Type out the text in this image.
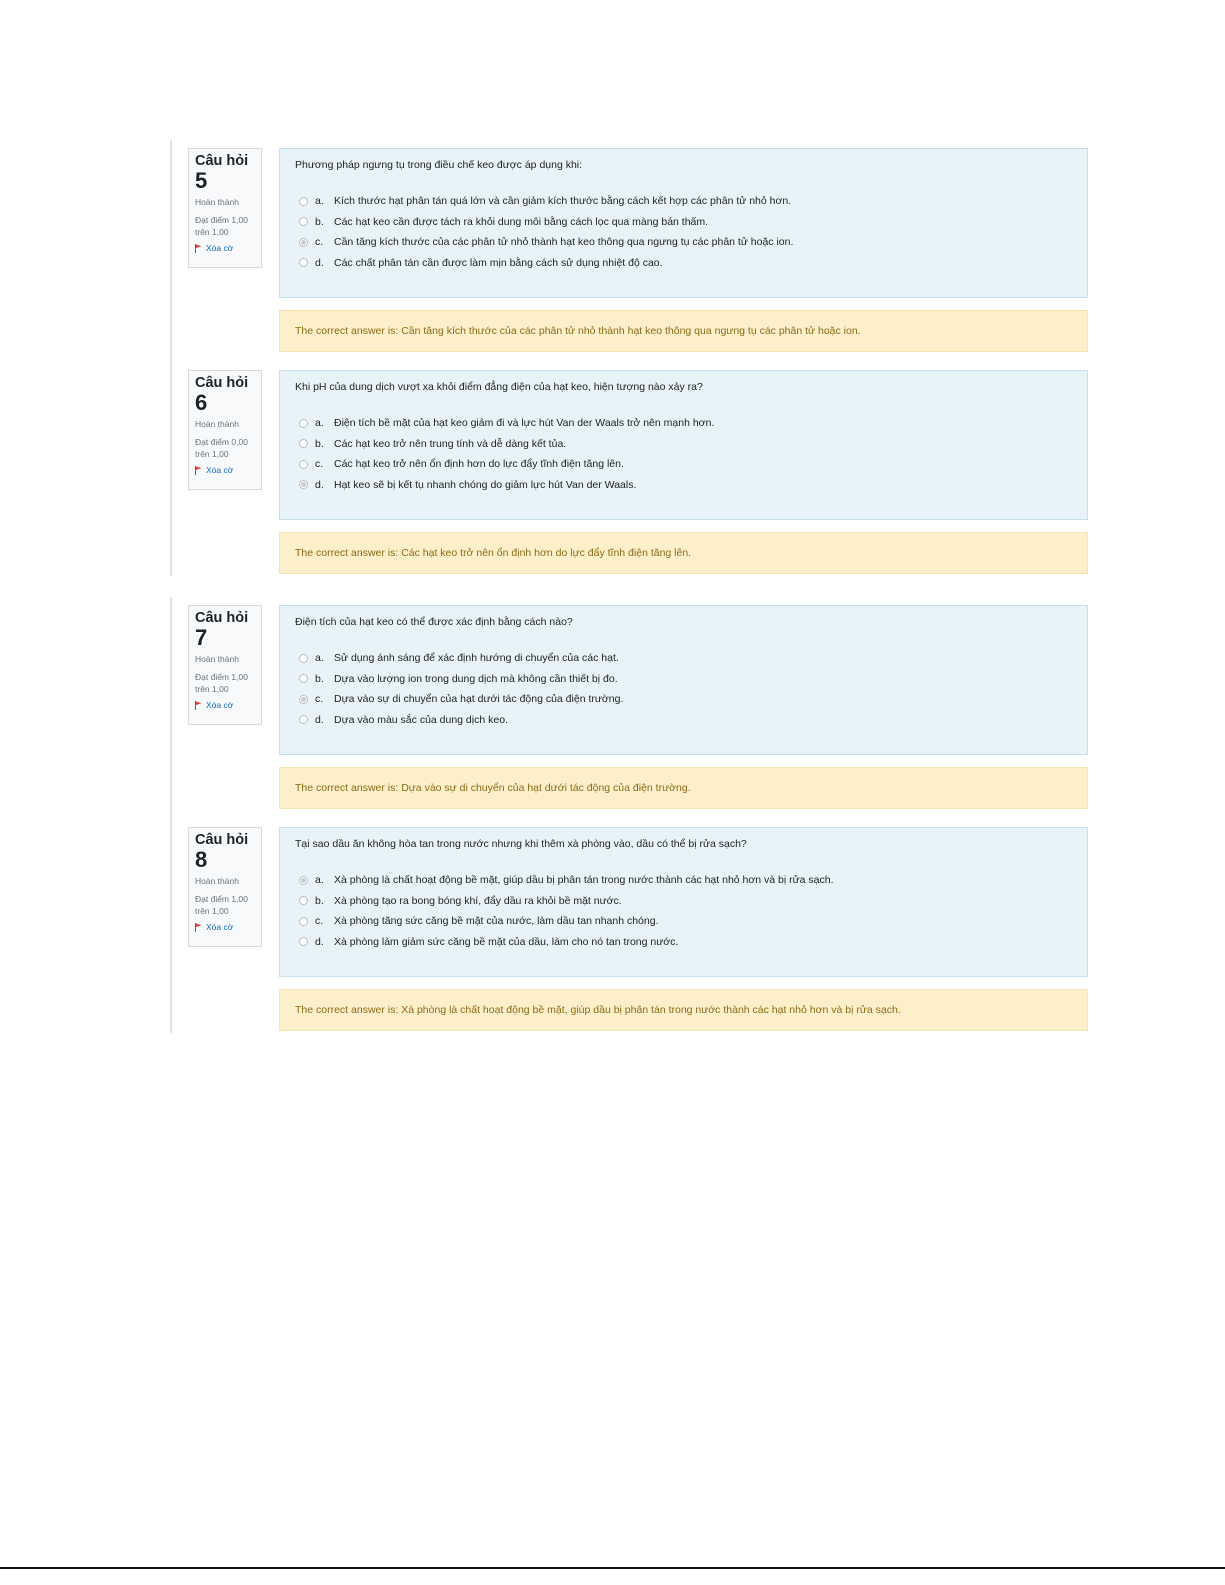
Câu hỏi
5
Hoàn thành
Đạt điểm 1,00
trên 1,00
Xóa cờ
Phương pháp ngưng tụ trong điều chế keo được áp dụng khi:
a. Kích thước hạt phân tán quá lớn và cần giảm kích thước bằng cách kết hợp các phân tử nhỏ hơn.
b. Các hạt keo cần được tách ra khỏi dung môi bằng cách lọc qua màng bán thấm.
c.	Cần tăng kích thước của các phân tử nhỏ thành hạt keo thông qua ngưng tụ các phân tử hoặc ion.
d. Các chất phân tán cần được làm mịn bằng cách sử dụng nhiệt độ cao.
The correct answer is: Cần tăng kích thước của các phân tử nhỏ thành hạt keo thông qua ngưng tụ các phân tử hoặc ion.
Câu hỏi
6
Hoàn thành
Đạt điểm 0,00
trên 1,00
Xóa cờ
Khi pH của dung dịch vượt xa khỏi điểm đẳng điện của hạt keo, hiện tượng nào xảy ra?
a. Điện tích bề mặt của hạt keo giảm đi và lực hút Van der Waals trở nên mạnh hơn.
b. Các hạt keo trở nên trung tính và dễ dàng kết tủa.
c.	Các hạt keo trở nên ổn định hơn do lực đẩy tĩnh điện tăng lên.
d. Hạt keo sẽ bị kết tụ nhanh chóng do giảm lực hút Van der Waals.
The correct answer is: Các hạt keo trở nên ổn định hơn do lực đẩy tĩnh điện tăng lên.
Câu hỏi
7
Hoàn thành
Đạt điểm 1,00
trên 1,00
Xóa cờ
Điện tích của hạt keo có thể được xác định bằng cách nào?
a. Sử dụng ánh sáng để xác định hướng di chuyển của các hạt.
b. Dựa vào lượng ion trong dung dịch mà không cần thiết bị đo.
c.	Dựa vào sự di chuyển của hạt dưới tác động của điện trường.
d. Dựa vào màu sắc của dung dịch keo.
The correct answer is: Dựa vào sự di chuyển của hạt dưới tác động của điện trường.
Câu hỏi
8
Hoàn thành
Đạt điểm 1,00
trên 1,00
Xóa cờ
Tại sao dầu ăn không hòa tan trong nước nhưng khi thêm xà phòng vào, dầu có thể bị rửa sạch?
a. Xà phòng là chất hoạt động bề mặt, giúp dầu bị phân tán trong nước thành các hạt nhỏ hơn và bị rửa sạch.
b. Xà phòng tạo ra bong bóng khí, đẩy dầu ra khỏi bề mặt nước.
c.	Xà phòng tăng sức căng bề mặt của nước, làm dầu tan nhanh chóng.
d. Xà phòng làm giảm sức căng bề mặt của dầu, làm cho nó tan trong nước.
The correct answer is: Xà phòng là chất hoạt động bề mặt, giúp dầu bị phân tán trong nước thành các hạt nhỏ hơn và bị rửa sạch.
